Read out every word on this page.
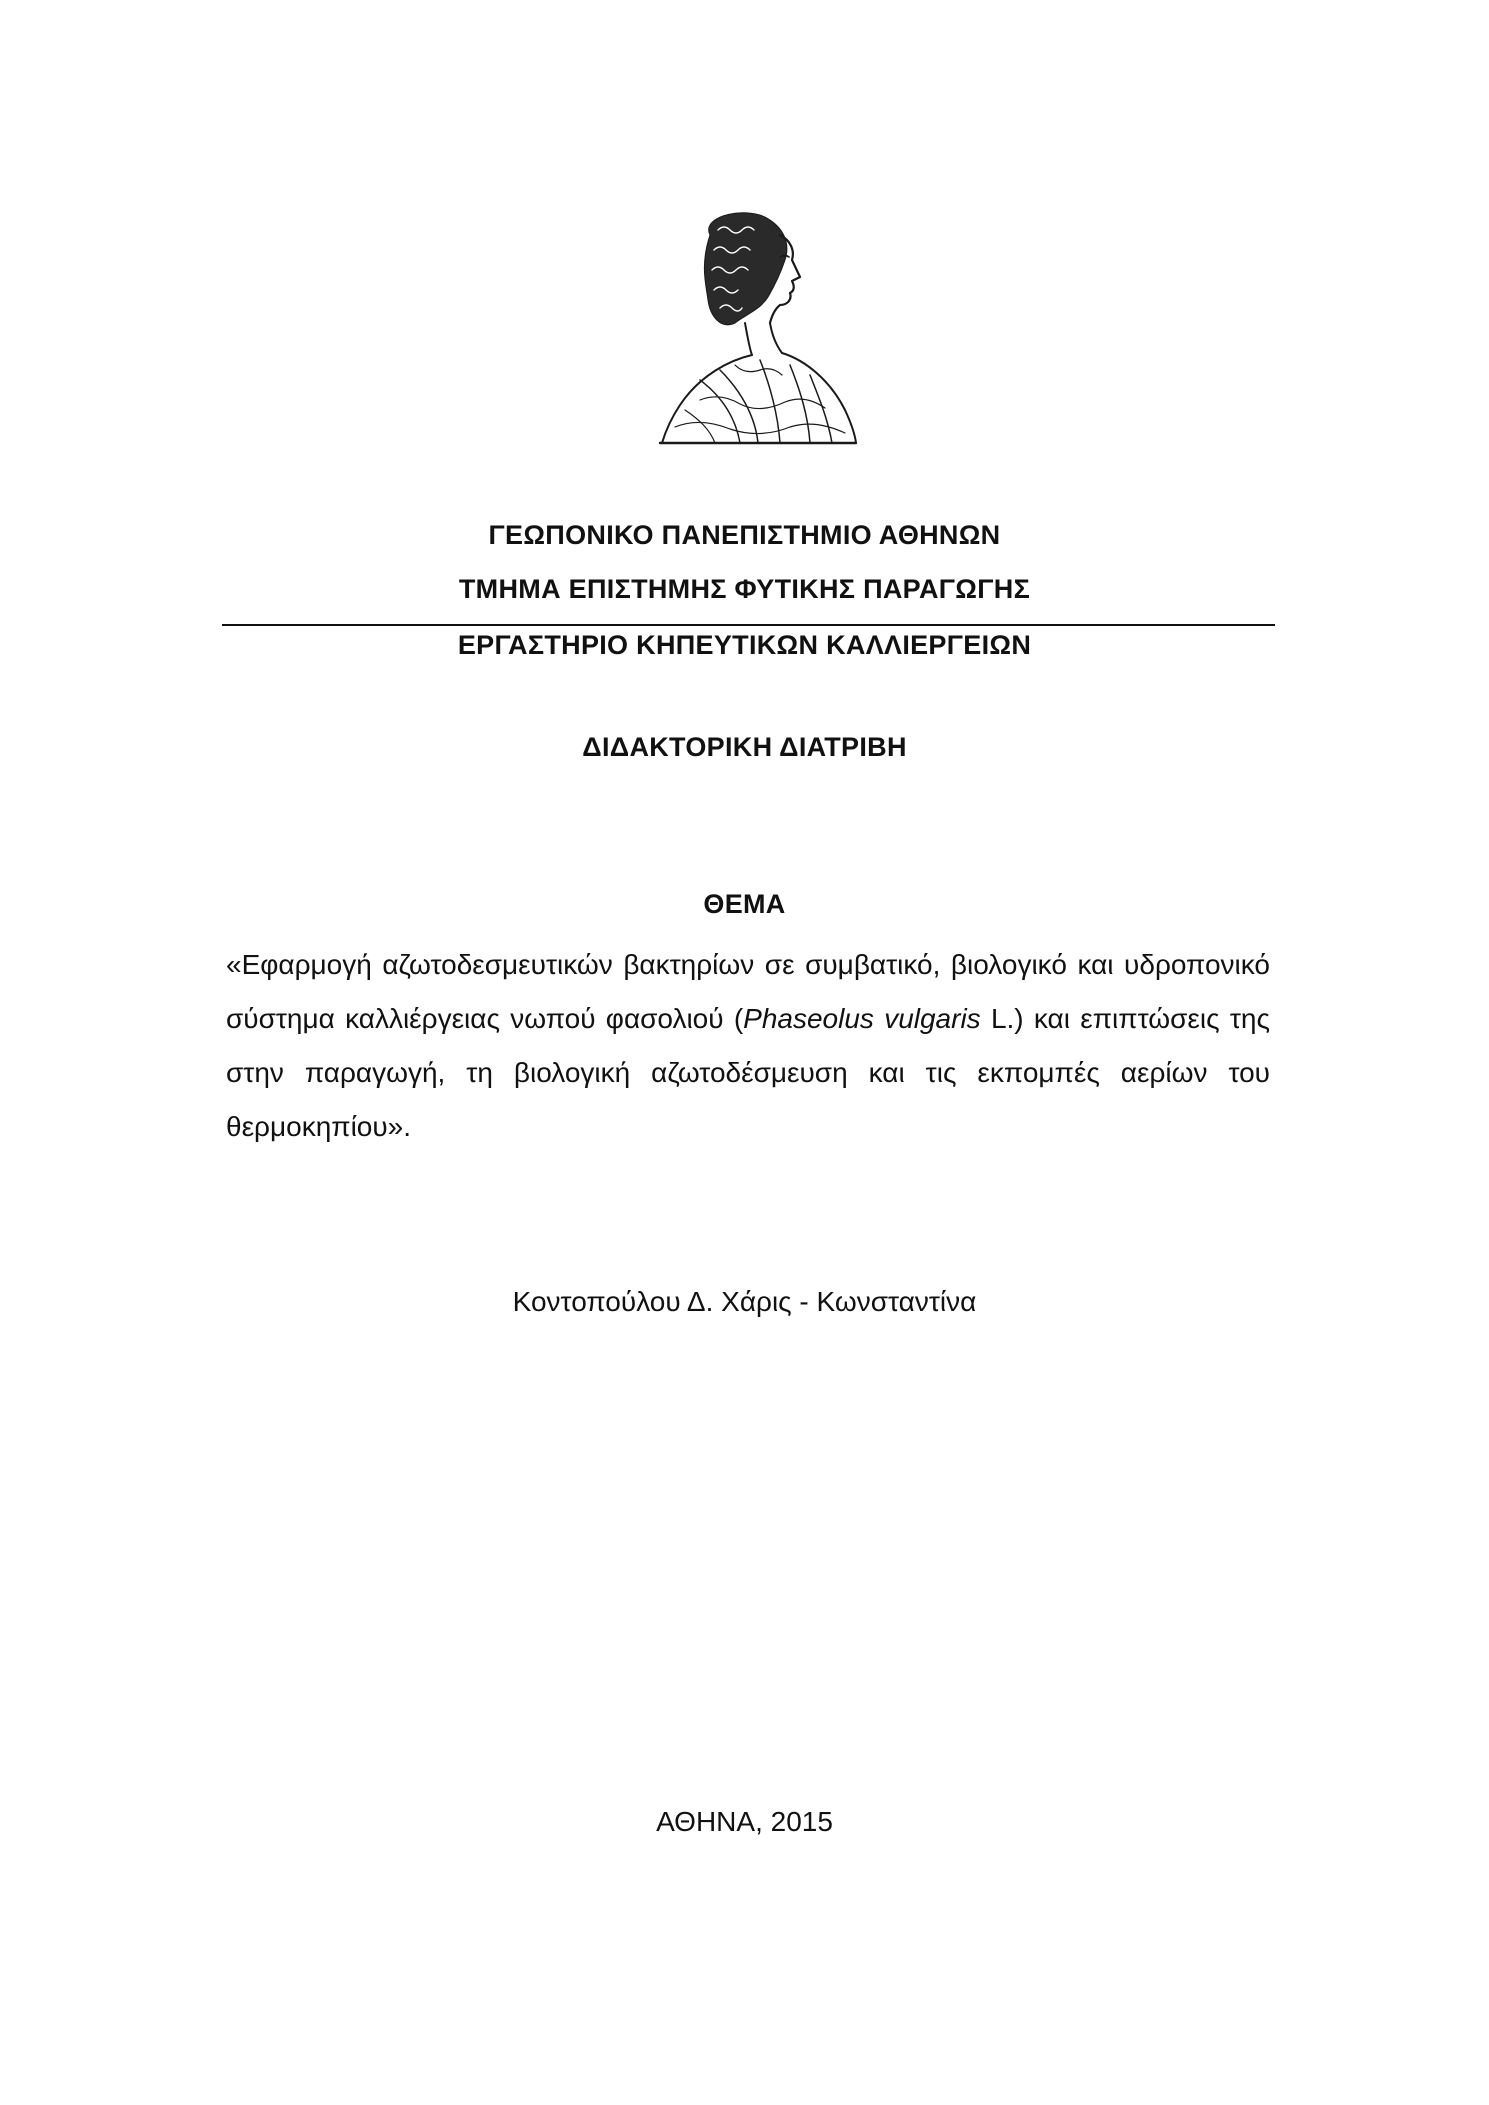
ΓΕΩΠΟΝΙΚΟ ΠΑΝΕΠΙΣΤΗΜΙΟ ΑΘΗΝΩΝ
ΤΜΗΜΑ ΕΠΙΣΤΗΜΗΣ ΦΥΤΙΚΗΣ ΠΑΡΑΓΩΓΗΣ
ΕΡΓΑΣΤΗΡΙΟ ΚΗΠΕΥΤΙΚΩΝ ΚΑΛΛΙΕΡΓΕΙΩΝ
ΔΙΔΑΚΤΟΡΙΚΗ ΔΙΑΤΡΙΒΗ
ΘΕΜΑ
«Εφαρμογή αζωτοδεσμευτικών βακτηρίων σε συμβατικό, βιολογικό και υδροπονικό σύστημα καλλιέργειας νωπού φασολιού (Phaseolus vulgaris L.) και επιπτώσεις της στην παραγωγή, τη βιολογική αζωτοδέσμευση και τις εκπομπές αερίων του θερμοκηπίου».
Κοντοπούλου Δ. Χάρις - Κωνσταντίνα
ΑΘΗΝΑ, 2015
